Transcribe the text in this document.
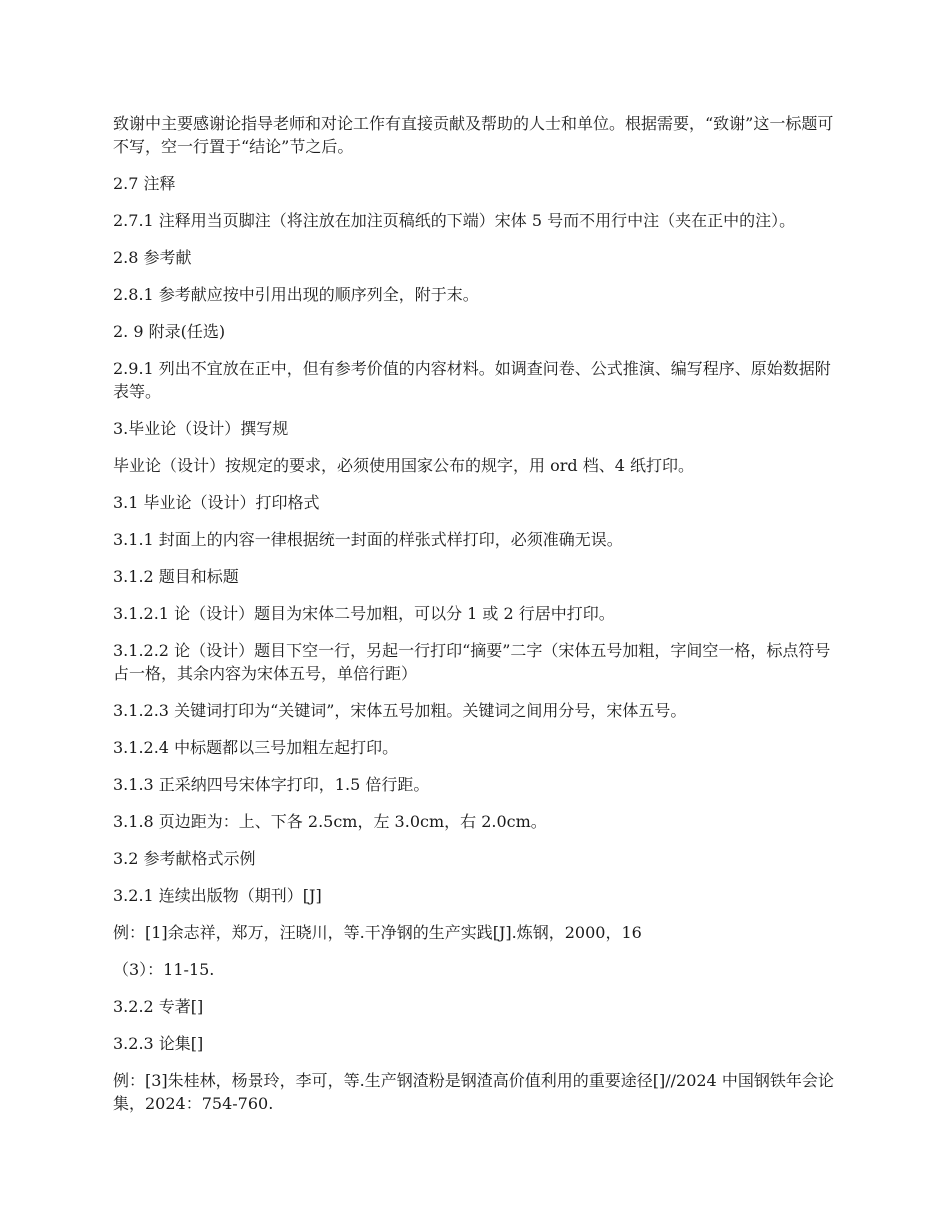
致谢中主要感谢论指导老师和对论工作有直接贡献及帮助的人士和单位。根据需要，“致谢”这一标题可不写，空一行置于“结论”节之后。

2.7 注释

2.7.1 注释用当页脚注（将注放在加注页稿纸的下端）宋体 5 号而不用行中注（夹在正中的注）。

2.8 参考献

2.8.1 参考献应按中引用出现的顺序列全，附于末。

2. 9 附录(任选)

2.9.1 列出不宜放在正中，但有参考价值的内容材料。如调查问卷、公式推演、编写程序、原始数据附表等。

3.毕业论（设计）撰写规

毕业论（设计）按规定的要求，必须使用国家公布的规字，用 ord 档、4 纸打印。

3.1 毕业论（设计）打印格式

3.1.1 封面上的内容一律根据统一封面的样张式样打印，必须准确无误。

3.1.2 题目和标题

3.1.2.1 论（设计）题目为宋体二号加粗，可以分 1 或 2 行居中打印。

3.1.2.2 论（设计）题目下空一行，另起一行打印“摘要”二字（宋体五号加粗，字间空一格，标点符号占一格，其余内容为宋体五号，单倍行距）

3.1.2.3 关键词打印为“关键词”，宋体五号加粗。关键词之间用分号，宋体五号。

3.1.2.4 中标题都以三号加粗左起打印。

3.1.3 正采纳四号宋体字打印，1.5 倍行距。

3.1.8 页边距为：上、下各 2.5cm，左 3.0cm，右 2.0cm。

3.2 参考献格式示例

3.2.1 连续出版物（期刊）[J]

例：[1]余志祥，郑万，汪晓川，等.干净钢的生产实践[J].炼钢，2000，16

（3）：11-15.

3.2.2 专著[]

3.2.3 论集[]

例：[3]朱桂林，杨景玲，李可，等.生产钢渣粉是钢渣高价值利用的重要途径[]//2024 中国钢铁年会论集，2024：754-760.
